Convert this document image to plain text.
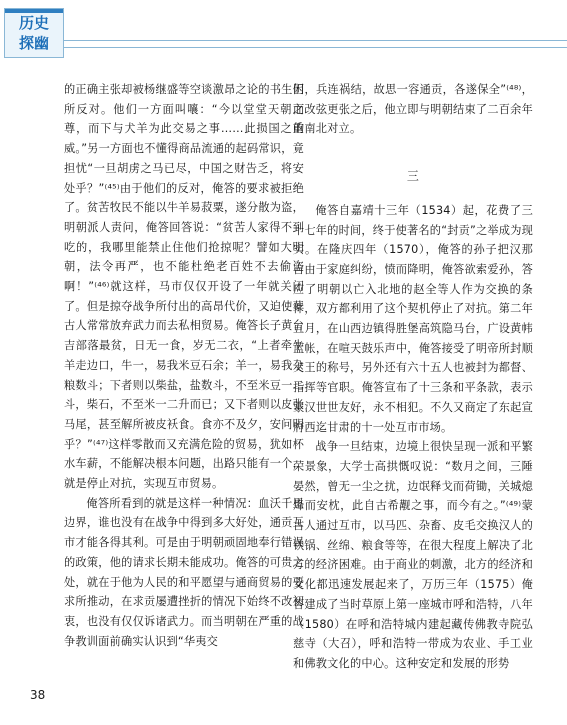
历史
探幽

的正确主张却被杨继盛等空谈激昂之论的书生们所反对。他们一方面叫嚷：“今以堂堂天朝之尊，而下与犬羊为此交易之事……此损国之重威。”另一方面也不懂得商品流通的起码常识，竟担忧“一旦胡虏之马已尽，中国之财告乏，将安处乎？”⁽⁴⁵⁾由于他们的反对，俺答的要求被拒绝了。贫苦牧民不能以牛羊易菽粟，遂分散为盗，明朝派人责问，俺答回答说：“贫苦人家得不到吃的，我哪里能禁止住他们抢掠呢？譬如大明朝，法令再严，也不能杜绝老百姓不去偷盗啊！”⁽⁴⁶⁾就这样，马市仅仅开设了一年就关闭了。但是掠夺战争所付出的高昂代价，又迫使蒙古人常常放弃武力而去私相贸易。俺答长子黄台吉部落最贫，日无一食，岁无二衣，“上者牵牛羊走边口，牛一，易我米豆石余；羊一，易我杂粮数斗；下者则以柴盐，盐数斗，不至米豆一二斗，柴石，不至米一二升而已；又下者则以皮张马尾，甚至解所被皮袄食。食亦不及夕，安问明乎？”⁽⁴⁷⁾这样零散而又充满危险的贸易，犹如杯水车薪，不能解决根本问题，出路只能有一个，就是停止对抗，实现互市贸易。

俺答所看到的就是这样一种情况：血沃千里边界，谁也没有在战争中得到多大好处，通贡互市才能各得其利。可是由于明朝顽固地奉行错误的政策，他的请求长期未能成功。俺答的可贵之处，就在于他为人民的和平愿望与通商贸易的要求所推动，在求贡屡遭挫折的情况下始终不改初衷，也没有仅仅诉诸武力。而当明朝在严重的战争教训面前确实认识到“华夷交

困，兵连祸结，故思一容通贡，各遂保全”⁽⁴⁸⁾，而改弦更张之后，他立即与明朝结束了二百余年的南北对立。

三

俺答自嘉靖十三年（1534）起，花费了三十七年的时间，终于使著名的“封贡”之举成为现实。在隆庆四年（1570），俺答的孙子把汉那吉由于家庭纠纷，愤而降明，俺答欲索爱孙，答应了明朝以亡入北地的赵全等人作为交换的条件，双方都利用了这个契机停止了对抗。第二年五月，在山西边镇得胜堡高筑隐马台，广设黄帏蓝帐，在喧天鼓乐声中，俺答接受了明帝所封顺义王的称号，另外还有六十五人也被封为都督、指挥等官职。俺答宣布了十三条和平条款，表示蒙汉世世友好，永不相犯。不久又商定了东起宣府西迄甘肃的十一处互市市场。

战争一旦结束，边境上很快呈现一派和平繁荣景象，大学士高拱慨叹说：“数月之间，三陲晏然，曾无一尘之扰，边氓释戈而荷锄，关城熄烽而安枕，此自古希觏之事，而今有之。”⁽⁴⁹⁾蒙古人通过互市，以马匹、杂畜、皮毛交换汉人的铁锅、丝绵、粮食等等，在很大程度上解决了北方的经济困难。由于商业的刺激，北方的经济和文化都迅速发展起来了，万历三年（1575）俺答建成了当时草原上第一座城市呼和浩特，八年（1580）在呼和浩特城内建起藏传佛教寺院弘慈寺（大召），呼和浩特一带成为农业、手工业和佛教文化的中心。这种安定和发展的形势

38
